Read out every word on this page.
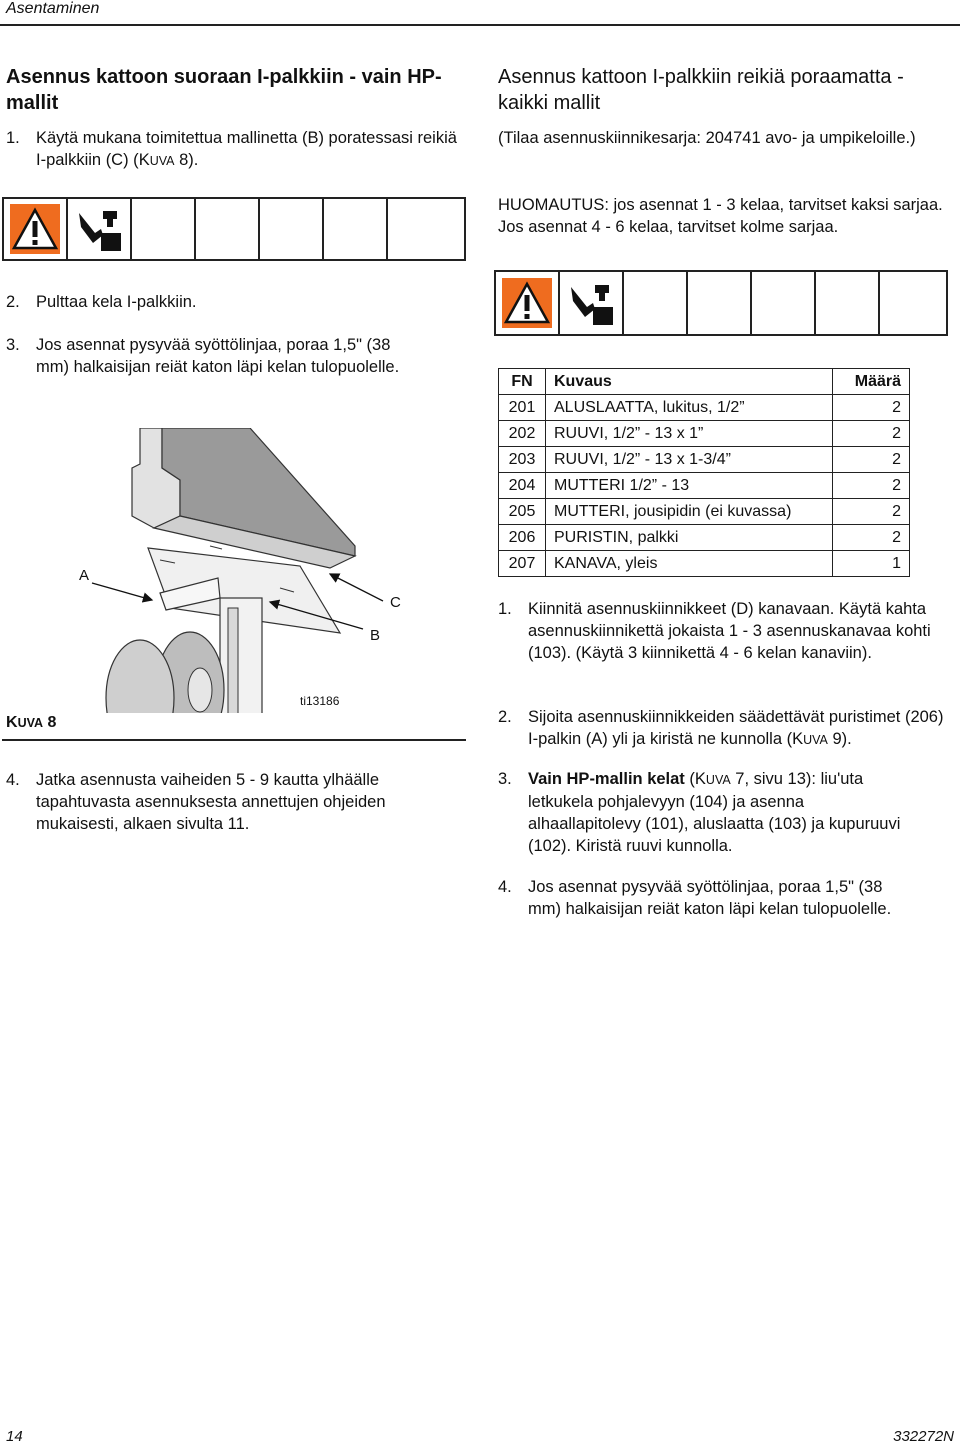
Asentaminen
Asennus kattoon suoraan I-palkkiin - vain HP-mallit
1. Käytä mukana toimitettua mallinetta (B) poratessasi reikiä I-palkkiin (C) (KUVA 8).
2. Pulttaa kela I-palkkiin.
3. Jos asennat pysyvää syöttölinjaa, poraa 1,5" (38 mm) halkaisijan reiät katon läpi kelan tulopuolelle.
A
B
C
ti13186
KUVA 8
4. Jatka asennusta vaiheiden 5 - 9 kautta ylhäälle tapahtuvasta asennuksesta annettujen ohjeiden mukaisesti, alkaen sivulta 11.
Asennus kattoon I-palkkiin reikiä poraamatta - kaikki mallit
(Tilaa asennuskiinnikesarja: 204741 avo- ja umpikeloille.)
HUOMAUTUS: jos asennat 1 - 3 kelaa, tarvitset kaksi sarjaa. Jos asennat 4 - 6 kelaa, tarvitset kolme sarjaa.
FN	Kuvaus	Määrä
201	ALUSLAATTA, lukitus, 1/2”	2
202	RUUVI, 1/2” - 13 x 1”	2
203	RUUVI, 1/2” - 13 x 1-3/4”	2
204	MUTTERI 1/2” - 13	2
205	MUTTERI, jousipidin (ei kuvassa)	2
206	PURISTIN, palkki	2
207	KANAVA, yleis	1
1. Kiinnitä asennuskiinnikkeet (D) kanavaan. Käytä kahta asennuskiinnikettä jokaista 1 - 3 asennuskanavaa kohti (103). (Käytä 3 kiinnikettä 4 - 6 kelan kanaviin).
2. Sijoita asennuskiinnikkeiden säädettävät puristimet (206) I-palkin (A) yli ja kiristä ne kunnolla (KUVA 9).
3. Vain HP-mallin kelat (KUVA 7, sivu 13): liu'uta letkukela pohjalevyyn (104) ja asenna alhaallapitolevy (101), aluslaatta (103) ja kupuruuvi (102). Kiristä ruuvi kunnolla.
4. Jos asennat pysyvää syöttölinjaa, poraa 1,5" (38 mm) halkaisijan reiät katon läpi kelan tulopuolelle.
14	332272N
